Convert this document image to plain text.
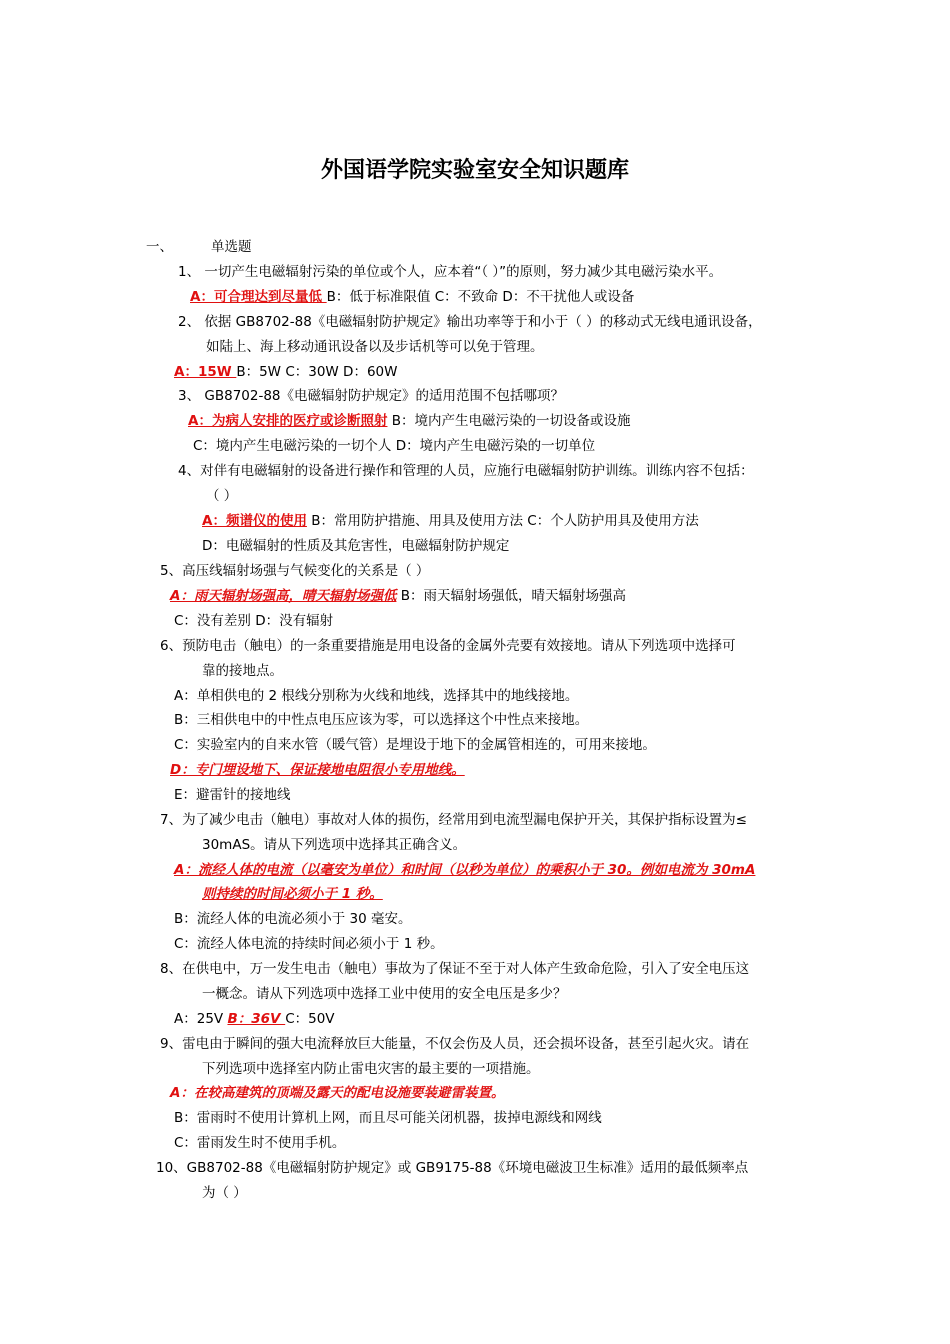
外国语学院实验室安全知识题库
一、	单选题
1、 一切产生电磁辐射污染的单位或个人，应本着“（ ）”的原则，努力减少其电磁污染水平。
A：可合理达到尽量低 B：低于标准限值 C：不致命 D：不干扰他人或设备
2、 依据 GB8702-88《电磁辐射防护规定》输出功率等于和小于（ ）的移动式无线电通讯设备，
如陆上、海上移动通讯设备以及步话机等可以免于管理。
A：15W B：5W C：30W D：60W
3、 GB8702-88《电磁辐射防护规定》的适用范围不包括哪项？
A：为病人安排的医疗或诊断照射 B：境内产生电磁污染的一切设备或设施
C：境内产生电磁污染的一切个人 D：境内产生电磁污染的一切单位
4、对伴有电磁辐射的设备进行操作和管理的人员，应施行电磁辐射防护训练。训练内容不包括：
（ ）
A：频谱仪的使用 B：常用防护措施、用具及使用方法 C：个人防护用具及使用方法
D：电磁辐射的性质及其危害性，电磁辐射防护规定
5、高压线辐射场强与气候变化的关系是（ ）
A：雨天辐射场强高，晴天辐射场强低 B：雨天辐射场强低，晴天辐射场强高
C：没有差别 D：没有辐射
6、预防电击（触电）的一条重要措施是用电设备的金属外壳要有效接地。请从下列选项中选择可
靠的接地点。
A：单相供电的 2 根线分别称为火线和地线，选择其中的地线接地。
B：三相供电中的中性点电压应该为零，可以选择这个中性点来接地。
C：实验室内的自来水管（暖气管）是埋设于地下的金属管相连的，可用来接地。
D：专门埋设地下、保证接地电阻很小专用地线。
E：避雷针的接地线
7、为了减少电击（触电）事故对人体的损伤，经常用到电流型漏电保护开关，其保护指标设置为≤
30mAS。请从下列选项中选择其正确含义。
A：流经人体的电流（以毫安为单位）和时间（以秒为单位）的乘积小于 30。例如电流为 30mA
则持续的时间必须小于 1 秒。
B：流经人体的电流必须小于 30 毫安。
C：流经人体电流的持续时间必须小于 1 秒。
8、在供电中，万一发生电击（触电）事故为了保证不至于对人体产生致命危险，引入了安全电压这
一概念。请从下列选项中选择工业中使用的安全电压是多少？
A：25V B：36V C：50V
9、雷电由于瞬间的强大电流释放巨大能量，不仅会伤及人员，还会损坏设备，甚至引起火灾。请在
下列选项中选择室内防止雷电灾害的最主要的一项措施。
A：在较高建筑的顶端及露天的配电设施要装避雷装置。
B：雷雨时不使用计算机上网，而且尽可能关闭机器，拔掉电源线和网线
C：雷雨发生时不使用手机。
10、GB8702-88《电磁辐射防护规定》或 GB9175-88《环境电磁波卫生标准》适用的最低频率点
为（ ）
